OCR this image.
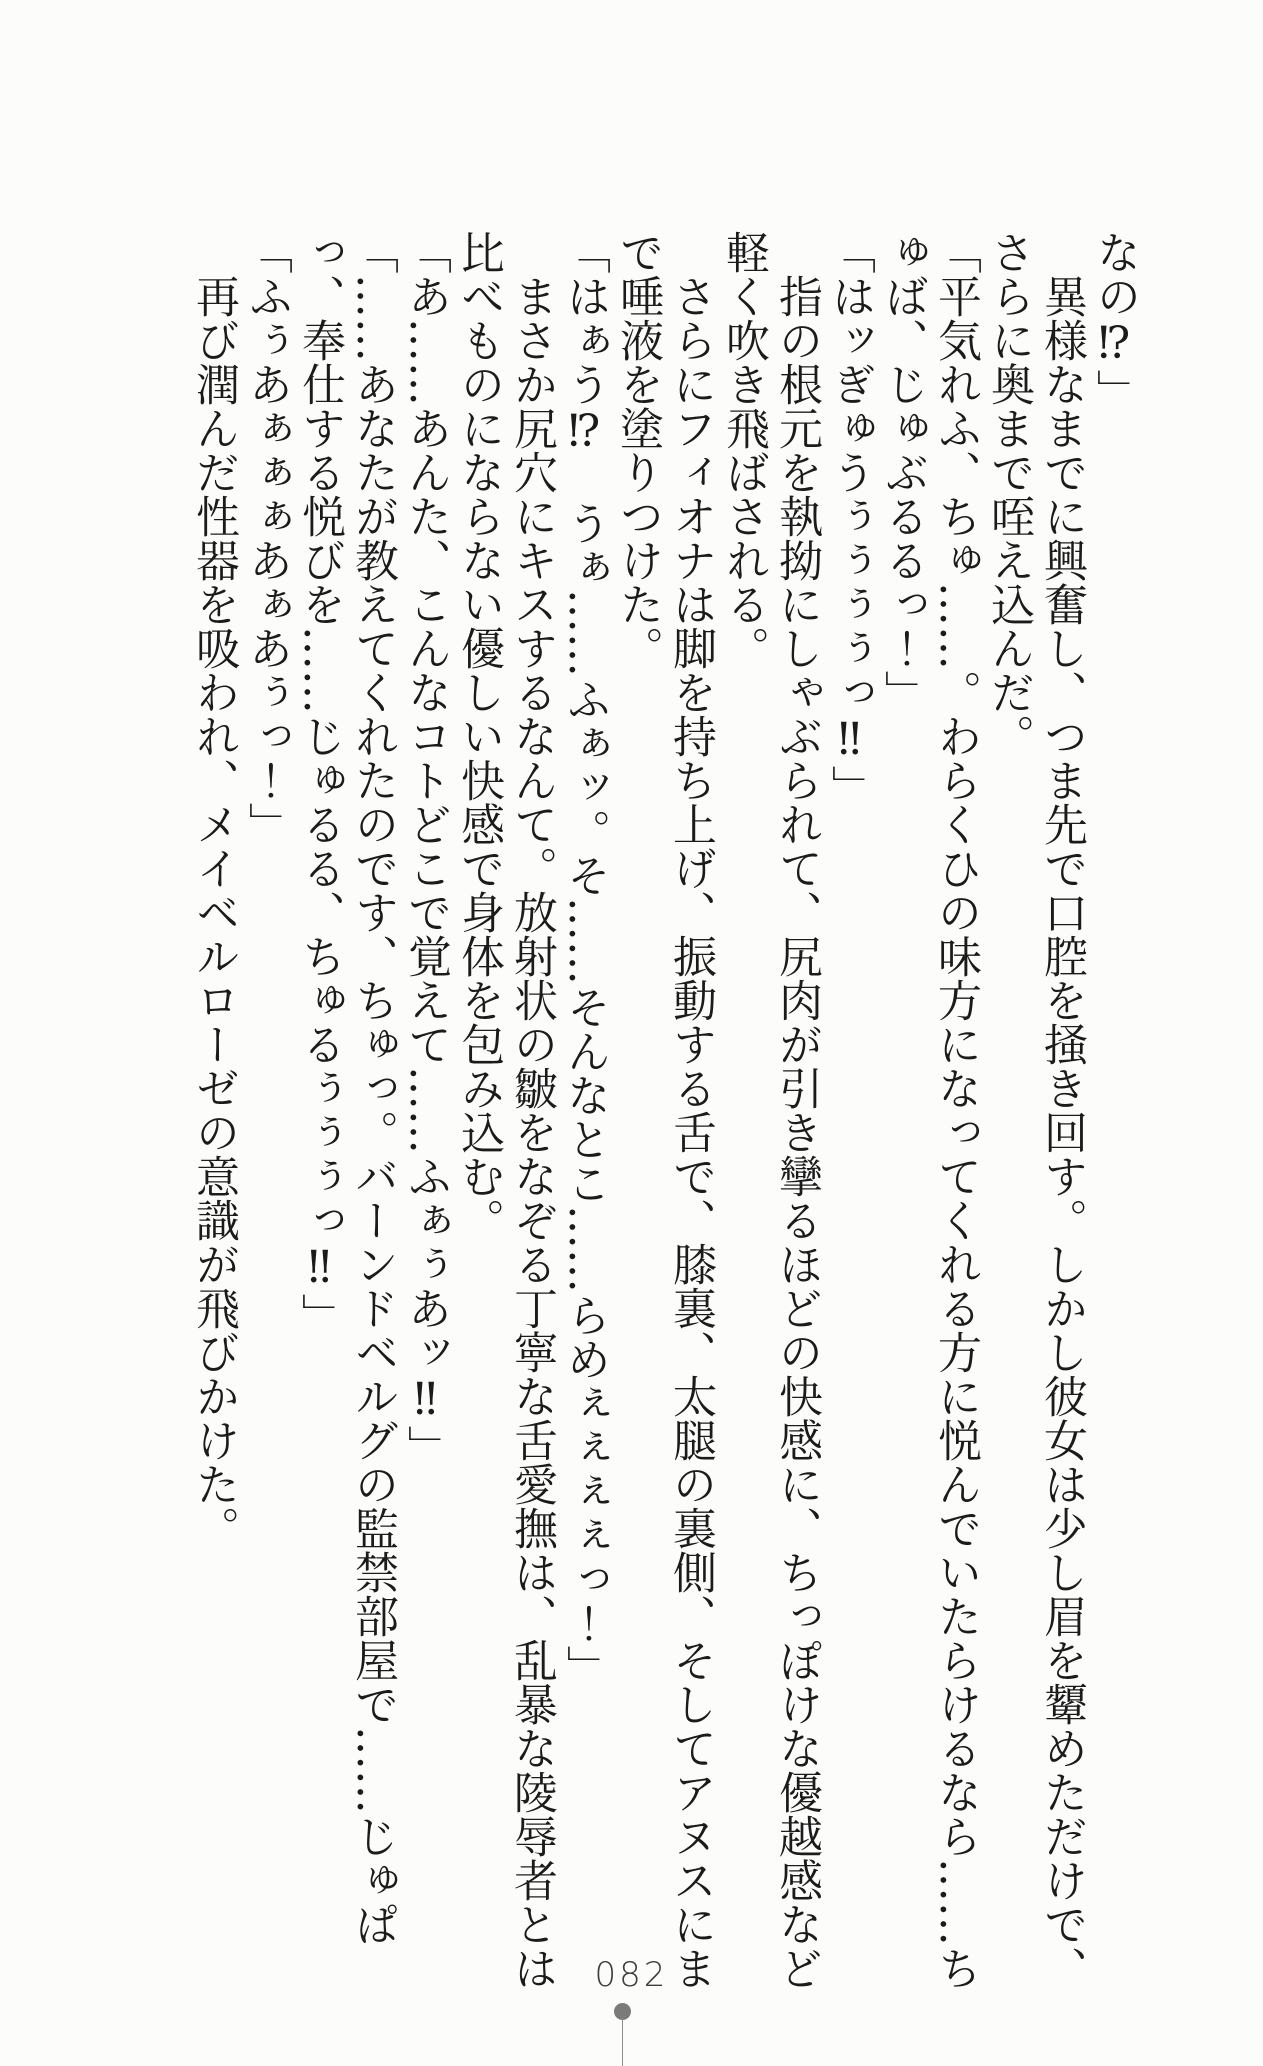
なの⁉」

異様なまでに興奮し、つま先で口腔を掻き回す。しかし彼女は少し眉を顰めただけで、さらに奥まで咥え込んだ。

「平気れふ、ちゅ……。わらくひの味方になってくれる方に悦んでいたらけるなら……ちゅば、じゅぶるるっ！」

「はッぎゅうぅぅぅぅっ‼」

指の根元を執拗にしゃぶられて、尻肉が引き攣るほどの快感に、ちっぽけな優越感など軽く吹き飛ばされる。

さらにフィオナは脚を持ち上げ、振動する舌で、膝裏、太腿の裏側、そしてアヌスにまで唾液を塗りつけた。

「はぁう⁉　うぁ……ふぁッ。そ……そんなとこ……らめぇぇぇぇっ！」

まさか尻穴にキスするなんて。放射状の皺をなぞる丁寧な舌愛撫は、乱暴な陵辱者とは比べものにならない優しい快感で身体を包み込む。

「あ……あんた、こんなコトどこで覚えて……ふぁぅあッ‼」

「……あなたが教えてくれたのです、ちゅっ。バーンドベルグの監禁部屋で……じゅぱっ、奉仕する悦びを……じゅるる、ちゅるぅぅぅっ‼」

「ふぅあぁぁぁあぁあぅっ！」

再び潤んだ性器を吸われ、メイベルローゼの意識が飛びかけた。

082
